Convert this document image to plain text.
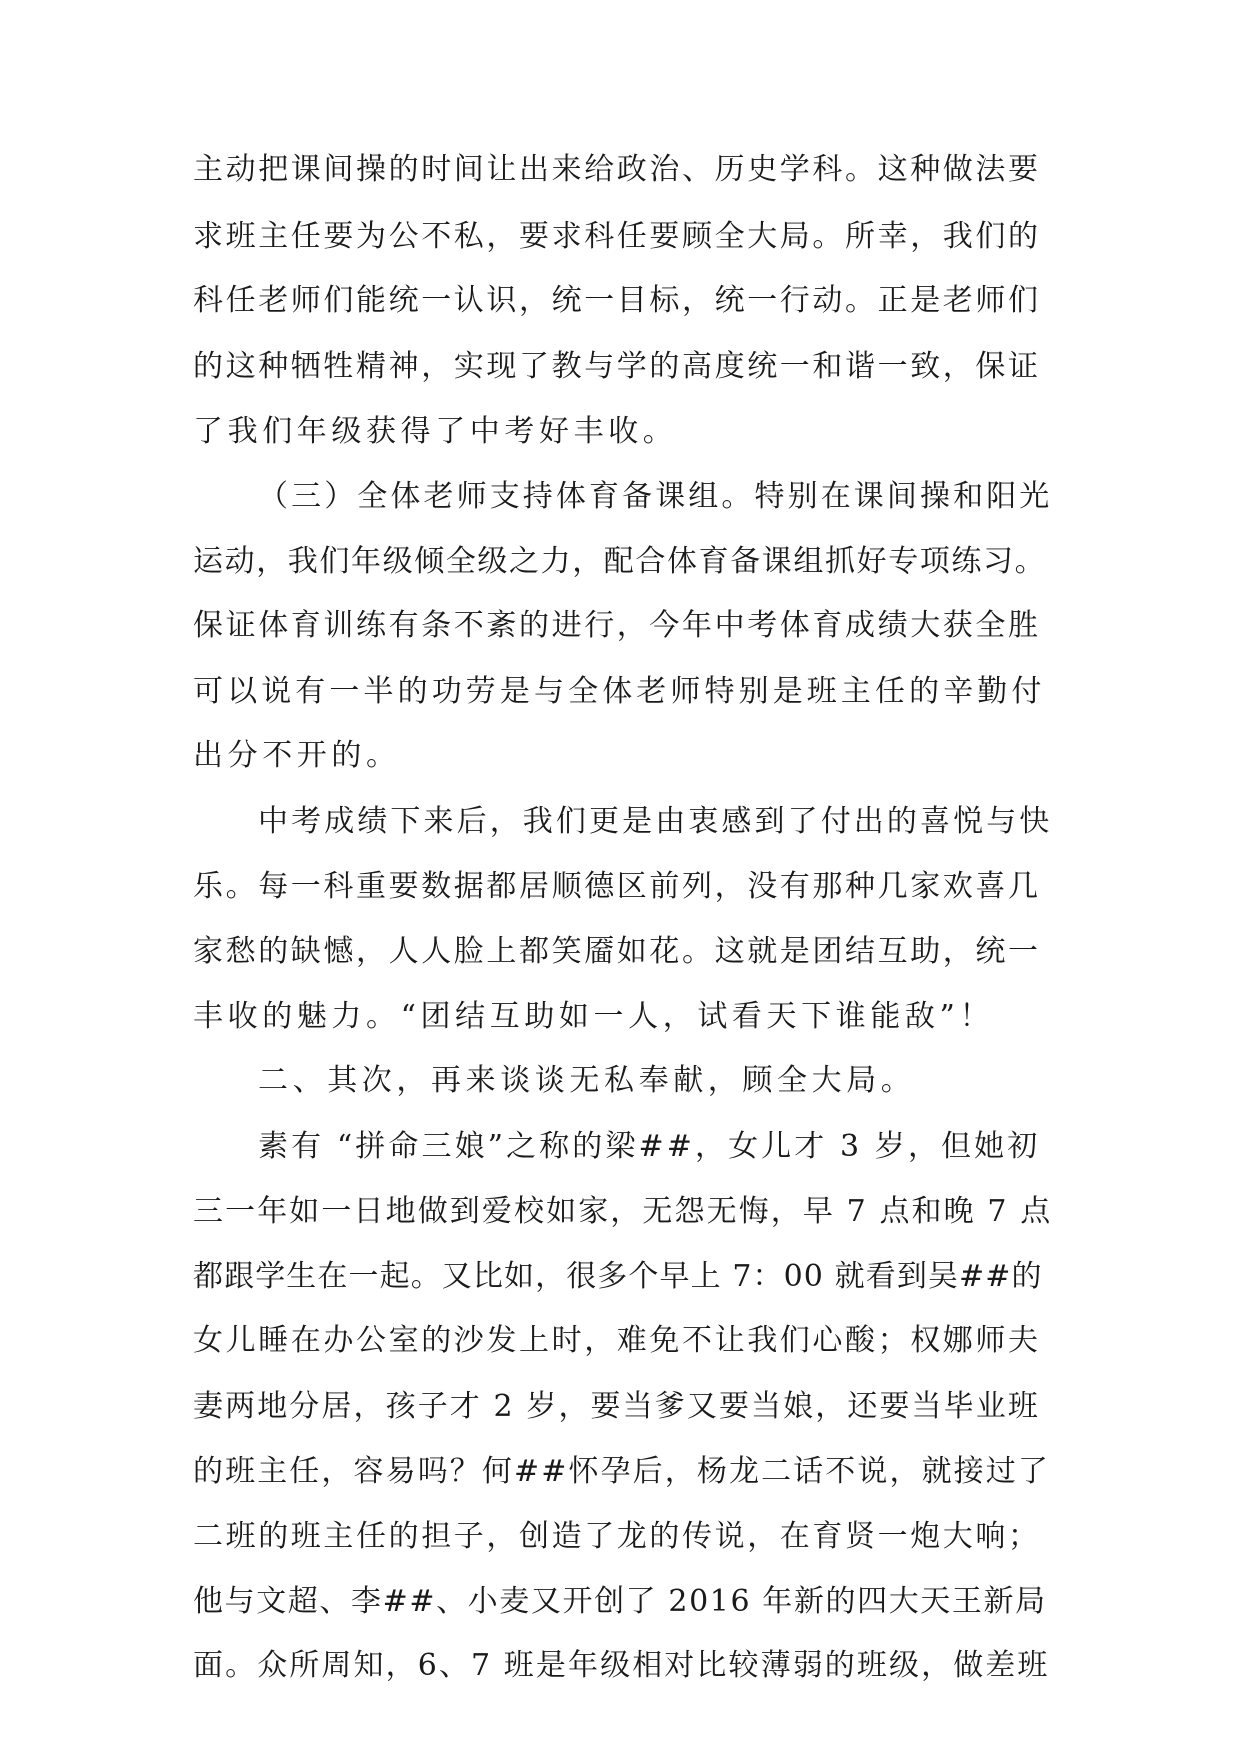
主动把课间操的时间让出来给政治、历史学科。这种做法要
求班主任要为公不私，要求科任要顾全大局。所幸，我们的
科任老师们能统一认识，统一目标，统一行动。正是老师们
的这种牺牲精神，实现了教与学的高度统一和谐一致，保证
了我们年级获得了中考好丰收。
（三）全体老师支持体育备课组。特别在课间操和阳光
运动，我们年级倾全级之力，配合体育备课组抓好专项练习。
保证体育训练有条不紊的进行，今年中考体育成绩大获全胜
可以说有一半的功劳是与全体老师特别是班主任的辛勤付
出分不开的。
中考成绩下来后，我们更是由衷感到了付出的喜悦与快
乐。每一科重要数据都居顺德区前列，没有那种几家欢喜几
家愁的缺憾，人人脸上都笑靥如花。这就是团结互助，统一
丰收的魅力。“团结互助如一人，试看天下谁能敌”！
二、其次，再来谈谈无私奉献，顾全大局。
素有 “拼命三娘”之称的梁##，女儿才 3 岁，但她初
三一年如一日地做到爱校如家，无怨无悔，早 7 点和晚 7 点
都跟学生在一起。又比如，很多个早上 7：00 就看到吴##的
女儿睡在办公室的沙发上时，难免不让我们心酸；权娜师夫
妻两地分居，孩子才 2 岁，要当爹又要当娘，还要当毕业班
的班主任，容易吗？何##怀孕后，杨龙二话不说，就接过了
二班的班主任的担子，创造了龙的传说，在育贤一炮大响；
他与文超、李##、小麦又开创了 2016 年新的四大天王新局
面。众所周知，6、7 班是年级相对比较薄弱的班级，做差班
